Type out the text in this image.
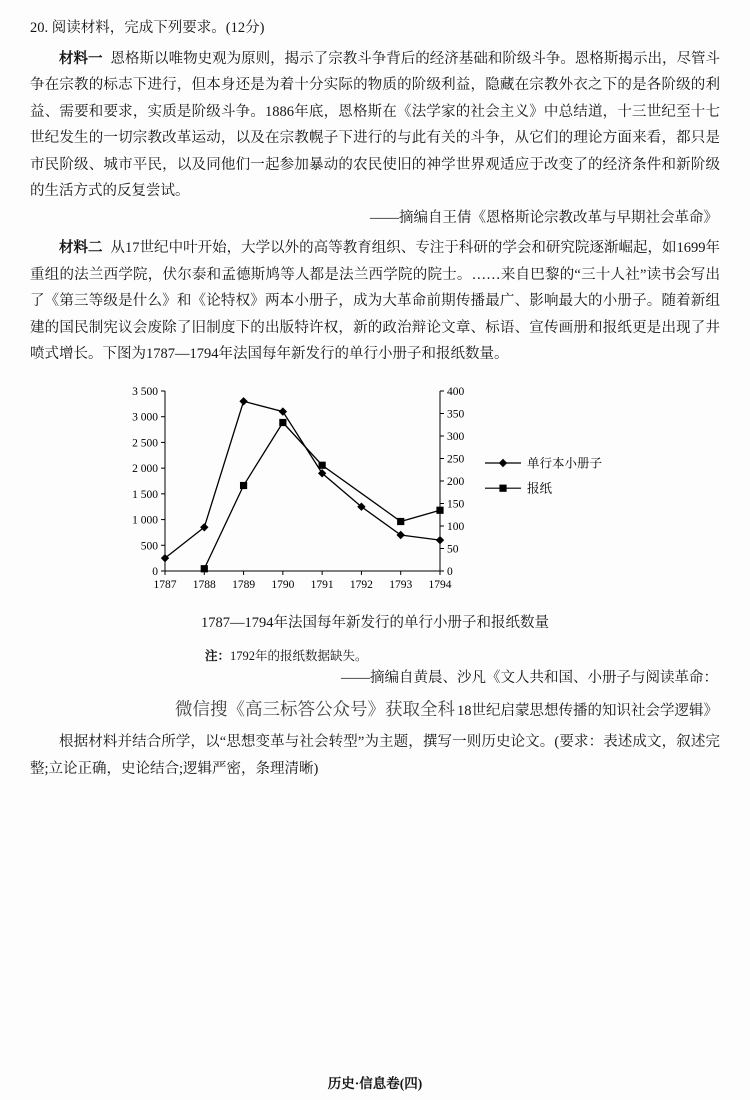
20. 阅读材料，完成下列要求。(12分)

材料一 恩格斯以唯物史观为原则，揭示了宗教斗争背后的经济基础和阶级斗争。恩格斯揭示出，尽管斗争在宗教的标志下进行，但本身还是为着十分实际的物质的阶级利益，隐藏在宗教外衣之下的是各阶级的利益、需要和要求，实质是阶级斗争。1886年底，恩格斯在《法学家的社会主义》中总结道，十三世纪至十七世纪发生的一切宗教改革运动，以及在宗教幌子下进行的与此有关的斗争，从它们的理论方面来看，都只是市民阶级、城市平民，以及同他们一起参加暴动的农民使旧的神学世界观适应于改变了的经济条件和新阶级的生活方式的反复尝试。

——摘编自王倩《恩格斯论宗教改革与早期社会革命》

材料二 从17世纪中叶开始，大学以外的高等教育组织、专注于科研的学会和研究院逐渐崛起，如1699年重组的法兰西学院，伏尔泰和孟德斯鸠等人都是法兰西学院的院士。……来自巴黎的“三十人社”读书会写出了《第三等级是什么》和《论特权》两本小册子，成为大革命前期传播最广、影响最大的小册子。随着新组建的国民制宪议会废除了旧制度下的出版特许权，新的政治辩论文章、标语、宣传画册和报纸更是出现了井喷式增长。下图为1787—1794年法国每年新发行的单行小册子和报纸数量。

0
500
1 000
1 500
2 000
2 500
3 000
3 500
0
50
100
150
200
250
300
350
400
1787 1788 1789 1790 1791 1792 1793 1794
单行本小册子
报纸
1787—1794年法国每年新发行的单行小册子和报纸数量

注：1792年的报纸数据缺失。

——摘编自黄晨、沙凡《文人共和国、小册子与阅读革命：

微信搜《高三标答公众号》获取全科 18世纪启蒙思想传播的知识社会学逻辑》

根据材料并结合所学，以“思想变革与社会转型”为主题，撰写一则历史论文。(要求：表述成文，叙述完整;立论正确，史论结合;逻辑严密，条理清晰)

历史·信息卷(四)
